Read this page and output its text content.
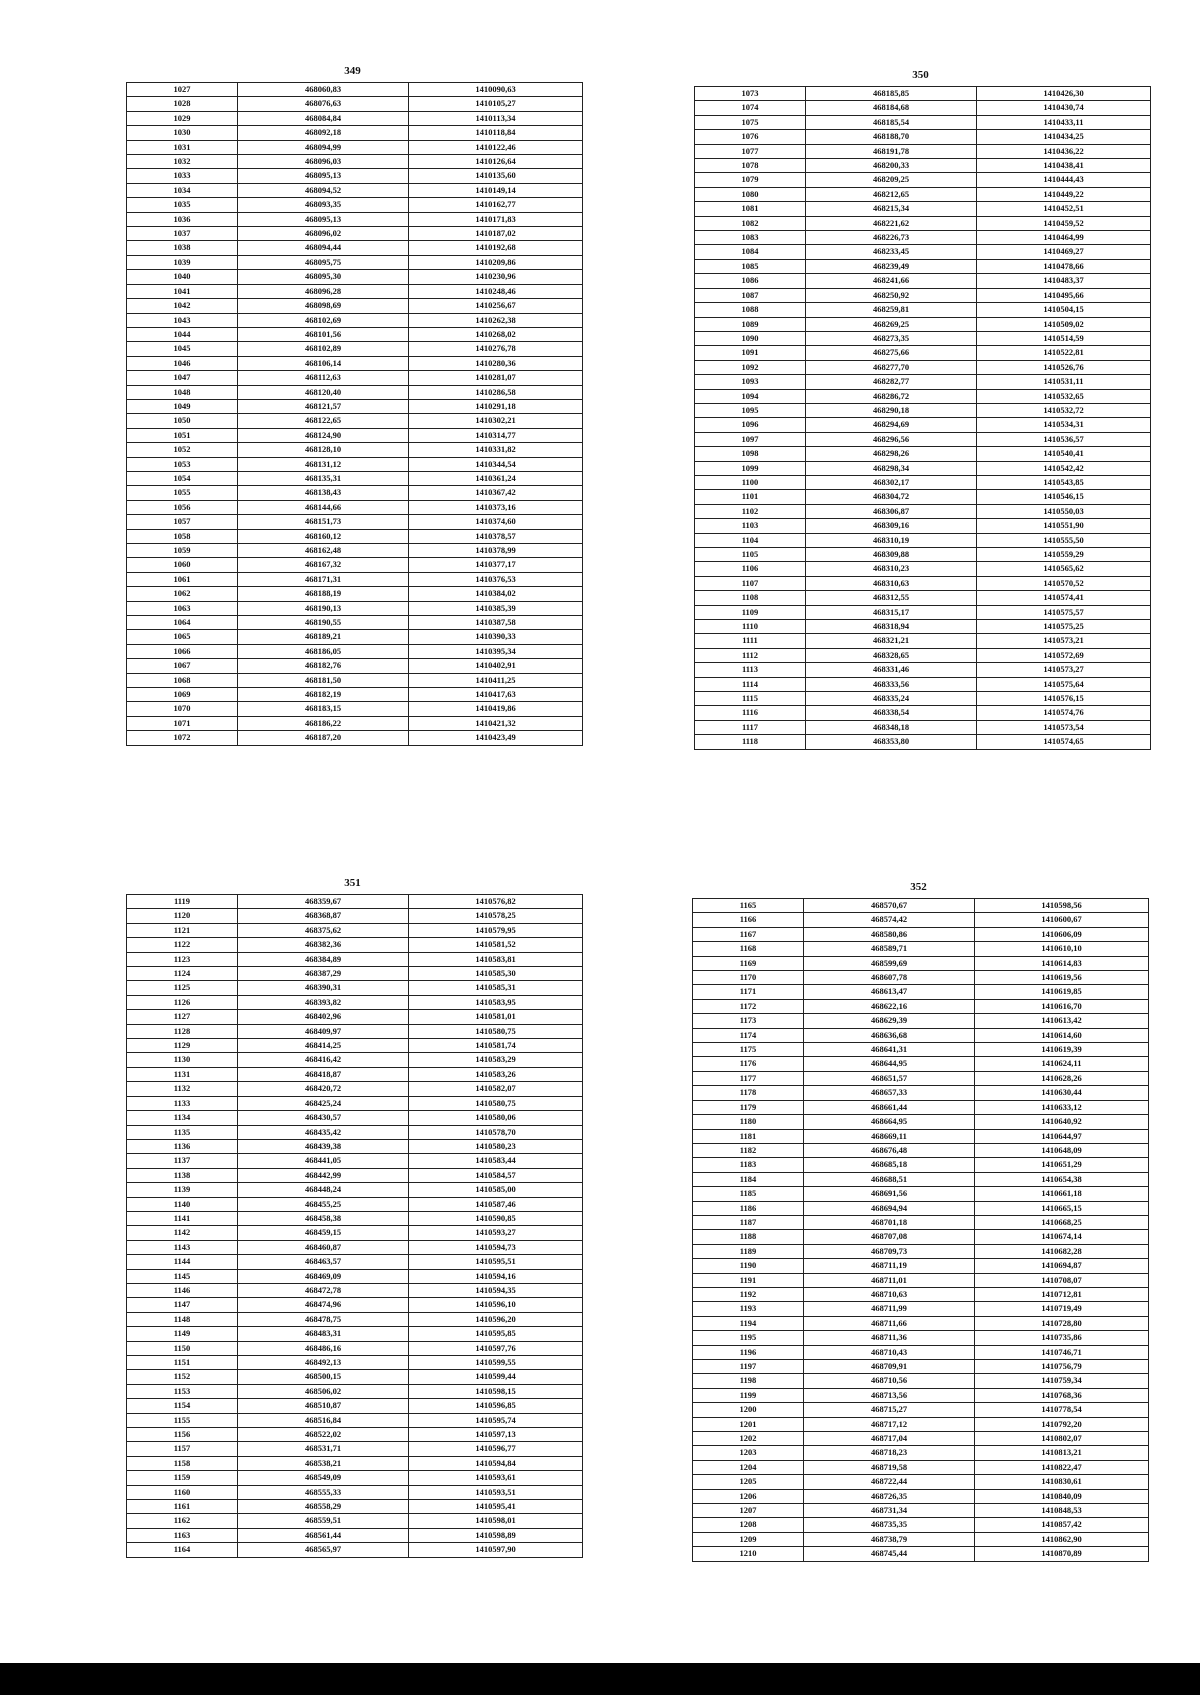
349
1027	468060,83	1410090,63
1028	468076,63	1410105,27
1029	468084,84	1410113,34
1030	468092,18	1410118,84
1031	468094,99	1410122,46
1032	468096,03	1410126,64
1033	468095,13	1410135,60
1034	468094,52	1410149,14
1035	468093,35	1410162,77
1036	468095,13	1410171,83
1037	468096,02	1410187,02
1038	468094,44	1410192,68
1039	468095,75	1410209,86
1040	468095,30	1410230,96
1041	468096,28	1410248,46
1042	468098,69	1410256,67
1043	468102,69	1410262,38
1044	468101,56	1410268,02
1045	468102,89	1410276,78
1046	468106,14	1410280,36
1047	468112,63	1410281,07
1048	468120,40	1410286,58
1049	468121,57	1410291,18
1050	468122,65	1410302,21
1051	468124,90	1410314,77
1052	468128,10	1410331,82
1053	468131,12	1410344,54
1054	468135,31	1410361,24
1055	468138,43	1410367,42
1056	468144,66	1410373,16
1057	468151,73	1410374,60
1058	468160,12	1410378,57
1059	468162,48	1410378,99
1060	468167,32	1410377,17
1061	468171,31	1410376,53
1062	468188,19	1410384,02
1063	468190,13	1410385,39
1064	468190,55	1410387,58
1065	468189,21	1410390,33
1066	468186,05	1410395,34
1067	468182,76	1410402,91
1068	468181,50	1410411,25
1069	468182,19	1410417,63
1070	468183,15	1410419,86
1071	468186,22	1410421,32
1072	468187,20	1410423,49
350
1073	468185,85	1410426,30
1074	468184,68	1410430,74
1075	468185,54	1410433,11
1076	468188,70	1410434,25
1077	468191,78	1410436,22
1078	468200,33	1410438,41
1079	468209,25	1410444,43
1080	468212,65	1410449,22
1081	468215,34	1410452,51
1082	468221,62	1410459,52
1083	468226,73	1410464,99
1084	468233,45	1410469,27
1085	468239,49	1410478,66
1086	468241,66	1410483,37
1087	468250,92	1410495,66
1088	468259,81	1410504,15
1089	468269,25	1410509,02
1090	468273,35	1410514,59
1091	468275,66	1410522,81
1092	468277,70	1410526,76
1093	468282,77	1410531,11
1094	468286,72	1410532,65
1095	468290,18	1410532,72
1096	468294,69	1410534,31
1097	468296,56	1410536,57
1098	468298,26	1410540,41
1099	468298,34	1410542,42
1100	468302,17	1410543,85
1101	468304,72	1410546,15
1102	468306,87	1410550,03
1103	468309,16	1410551,90
1104	468310,19	1410555,50
1105	468309,88	1410559,29
1106	468310,23	1410565,62
1107	468310,63	1410570,52
1108	468312,55	1410574,41
1109	468315,17	1410575,57
1110	468318,94	1410575,25
1111	468321,21	1410573,21
1112	468328,65	1410572,69
1113	468331,46	1410573,27
1114	468333,56	1410575,64
1115	468335,24	1410576,15
1116	468338,54	1410574,76
1117	468348,18	1410573,54
1118	468353,80	1410574,65
351
1119	468359,67	1410576,82
1120	468368,87	1410578,25
1121	468375,62	1410579,95
1122	468382,36	1410581,52
1123	468384,89	1410583,81
1124	468387,29	1410585,30
1125	468390,31	1410585,31
1126	468393,82	1410583,95
1127	468402,96	1410581,01
1128	468409,97	1410580,75
1129	468414,25	1410581,74
1130	468416,42	1410583,29
1131	468418,87	1410583,26
1132	468420,72	1410582,07
1133	468425,24	1410580,75
1134	468430,57	1410580,06
1135	468435,42	1410578,70
1136	468439,38	1410580,23
1137	468441,05	1410583,44
1138	468442,99	1410584,57
1139	468448,24	1410585,00
1140	468455,25	1410587,46
1141	468458,38	1410590,85
1142	468459,15	1410593,27
1143	468460,87	1410594,73
1144	468463,57	1410595,51
1145	468469,09	1410594,16
1146	468472,78	1410594,35
1147	468474,96	1410596,10
1148	468478,75	1410596,20
1149	468483,31	1410595,85
1150	468486,16	1410597,76
1151	468492,13	1410599,55
1152	468500,15	1410599,44
1153	468506,02	1410598,15
1154	468510,87	1410596,85
1155	468516,84	1410595,74
1156	468522,02	1410597,13
1157	468531,71	1410596,77
1158	468538,21	1410594,84
1159	468549,09	1410593,61
1160	468555,33	1410593,51
1161	468558,29	1410595,41
1162	468559,51	1410598,01
1163	468561,44	1410598,89
1164	468565,97	1410597,90
352
1165	468570,67	1410598,56
1166	468574,42	1410600,67
1167	468580,86	1410606,09
1168	468589,71	1410610,10
1169	468599,69	1410614,83
1170	468607,78	1410619,56
1171	468613,47	1410619,85
1172	468622,16	1410616,70
1173	468629,39	1410613,42
1174	468636,68	1410614,60
1175	468641,31	1410619,39
1176	468644,95	1410624,11
1177	468651,57	1410628,26
1178	468657,33	1410630,44
1179	468661,44	1410633,12
1180	468664,95	1410640,92
1181	468669,11	1410644,97
1182	468676,48	1410648,09
1183	468685,18	1410651,29
1184	468688,51	1410654,38
1185	468691,56	1410661,18
1186	468694,94	1410665,15
1187	468701,18	1410668,25
1188	468707,08	1410674,14
1189	468709,73	1410682,28
1190	468711,19	1410694,87
1191	468711,01	1410708,07
1192	468710,63	1410712,81
1193	468711,99	1410719,49
1194	468711,66	1410728,80
1195	468711,36	1410735,86
1196	468710,43	1410746,71
1197	468709,91	1410756,79
1198	468710,56	1410759,34
1199	468713,56	1410768,36
1200	468715,27	1410778,54
1201	468717,12	1410792,20
1202	468717,04	1410802,07
1203	468718,23	1410813,21
1204	468719,58	1410822,47
1205	468722,44	1410830,61
1206	468726,35	1410840,09
1207	468731,34	1410848,53
1208	468735,35	1410857,42
1209	468738,79	1410862,90
1210	468745,44	1410870,89
